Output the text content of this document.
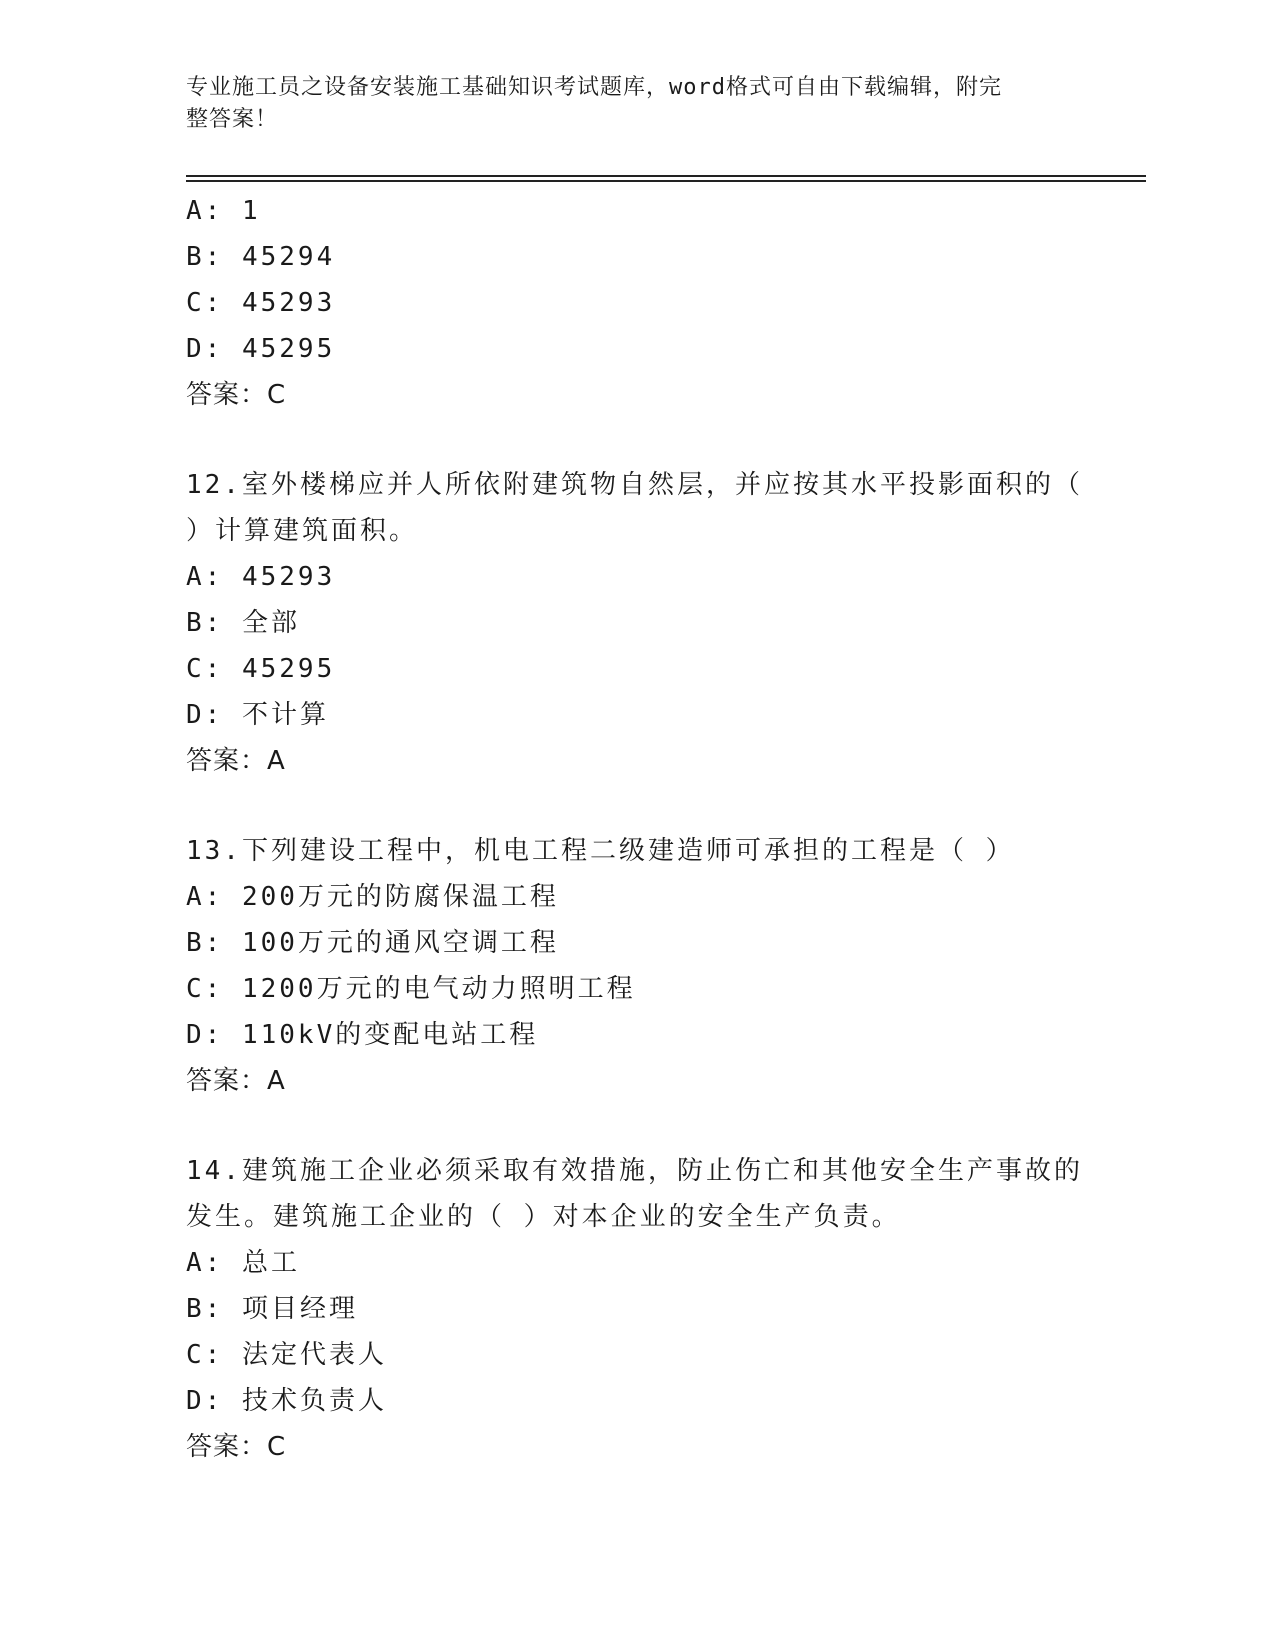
专业施工员之设备安装施工基础知识考试题库，word格式可自由下载编辑，附完
整答案！
A: 1
B: 45294
C: 45293
D: 45295
答案：C
12.室外楼梯应并人所依附建筑物自然层，并应按其水平投影面积的（
）计算建筑面积。
A: 45293
B: 全部
C: 45295
D: 不计算
答案：A
13.下列建设工程中，机电工程二级建造师可承担的工程是（ ）
A: 200万元的防腐保温工程
B: 100万元的通风空调工程
C: 1200万元的电气动力照明工程
D: 110kV的变配电站工程
答案：A
14.建筑施工企业必须采取有效措施，防止伤亡和其他安全生产事故的
发生。建筑施工企业的（ ）对本企业的安全生产负责。
A: 总工
B: 项目经理
C: 法定代表人
D: 技术负责人
答案：C
